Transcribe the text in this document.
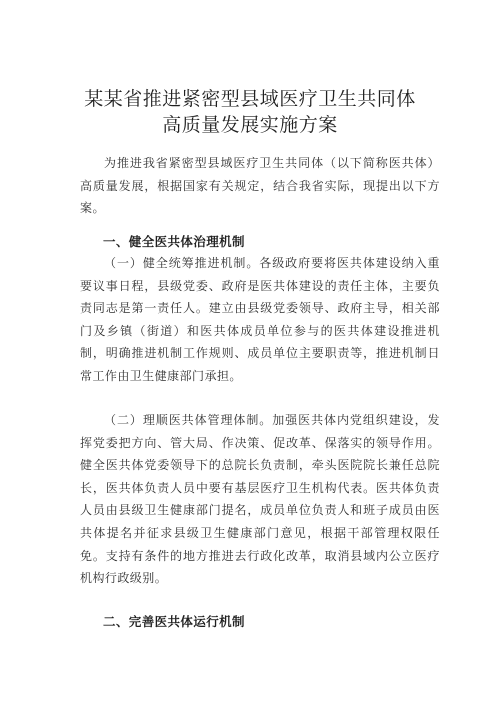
某某省推进紧密型县域医疗卫生共同体
高质量发展实施方案
为推进我省紧密型县域医疗卫生共同体（以下简称医共体）高质量发展，根据国家有关规定，结合我省实际，现提出以下方案。
一、健全医共体治理机制
（一）健全统筹推进机制。各级政府要将医共体建设纳入重要议事日程，县级党委、政府是医共体建设的责任主体，主要负责同志是第一责任人。建立由县级党委领导、政府主导，相关部门及乡镇（街道）和医共体成员单位参与的医共体建设推进机制，明确推进机制工作规则、成员单位主要职责等，推进机制日常工作由卫生健康部门承担。
（二）理顺医共体管理体制。加强医共体内党组织建设，发挥党委把方向、管大局、作决策、促改革、保落实的领导作用。健全医共体党委领导下的总院长负责制，牵头医院院长兼任总院长，医共体负责人员中要有基层医疗卫生机构代表。医共体负责人员由县级卫生健康部门提名，成员单位负责人和班子成员由医共体提名并征求县级卫生健康部门意见，根据干部管理权限任免。支持有条件的地方推进去行政化改革，取消县域内公立医疗机构行政级别。
二、完善医共体运行机制
